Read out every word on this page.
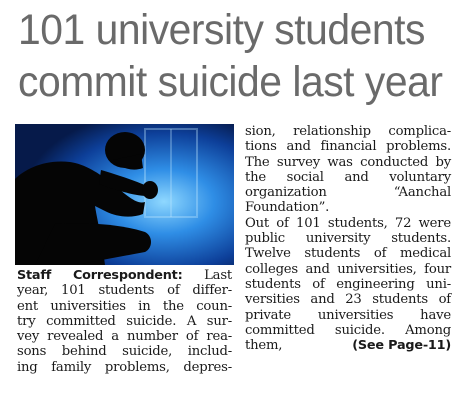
101 university students
commit suicide last year
Staff Correspondent: Last
year, 101 students of differ-
ent universities in the coun-
try committed suicide. A sur-
vey revealed a number of rea-
sons behind suicide, includ-
ing family problems, depres-
sion, relationship complica-
tions and financial problems.
The survey was conducted by
the social and voluntary
organization “Aanchal
Foundation”.
Out of 101 students, 72 were
public university students.
Twelve students of medical
colleges and universities, four
students of engineering uni-
versities and 23 students of
private universities have
committed suicide. Among
them,	(See Page-11)
